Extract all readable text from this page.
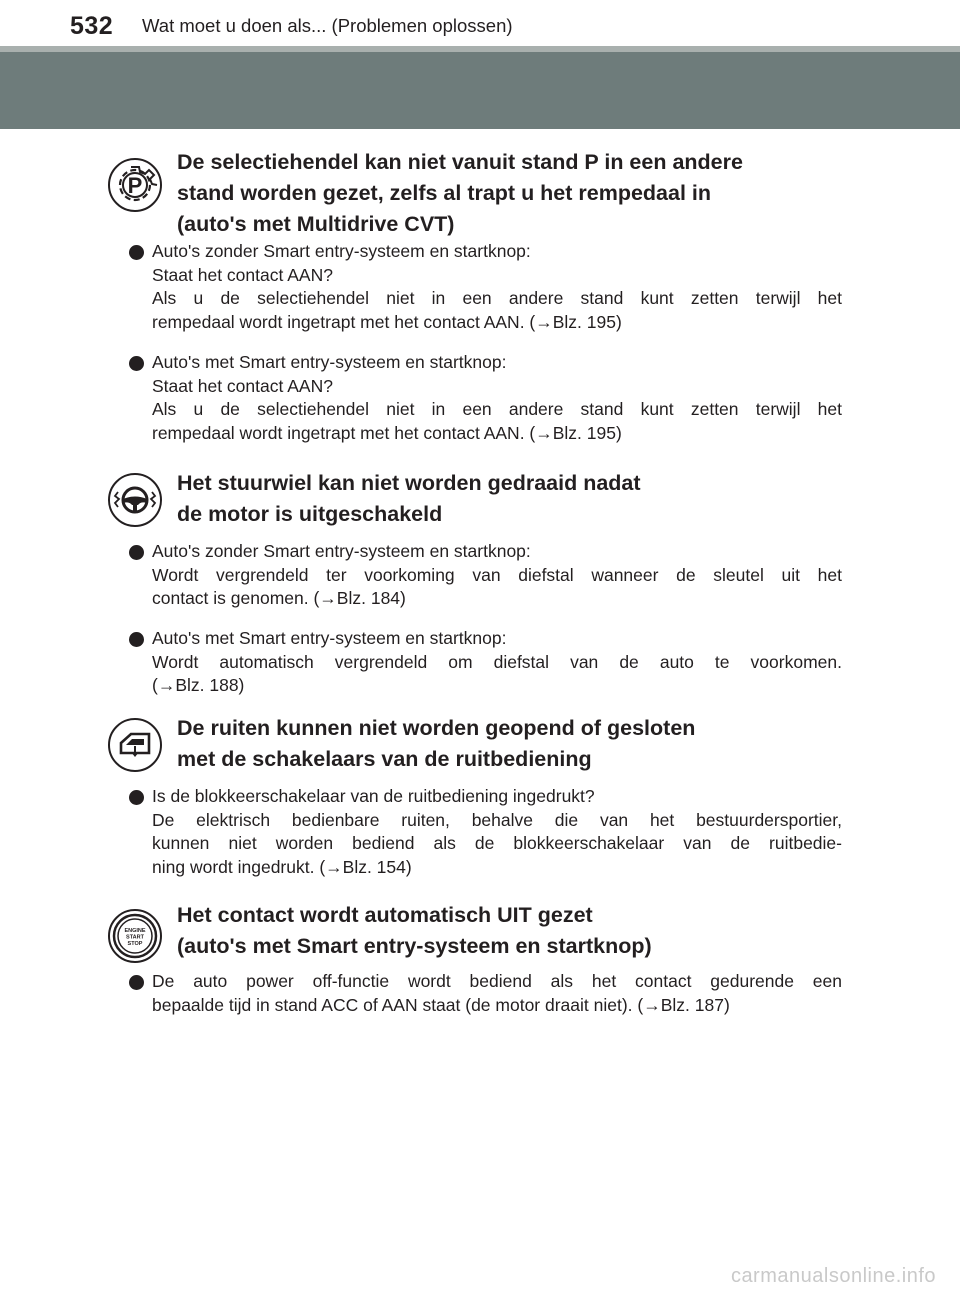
532 Wat moet u doen als... (Problemen oplossen)
P
De selectiehendel kan niet vanuit stand P in een andere
stand worden gezet, zelfs al trapt u het rempedaal in
(auto's met Multidrive CVT)
Auto's zonder Smart entry-systeem en startknop:
Staat het contact AAN?
Als u de selectiehendel niet in een andere stand kunt zetten terwijl het
rempedaal wordt ingetrapt met het contact AAN. (→Blz. 195)
Auto's met Smart entry-systeem en startknop:
Staat het contact AAN?
Als u de selectiehendel niet in een andere stand kunt zetten terwijl het
rempedaal wordt ingetrapt met het contact AAN. (→Blz. 195)
Het stuurwiel kan niet worden gedraaid nadat
de motor is uitgeschakeld
Auto's zonder Smart entry-systeem en startknop:
Wordt vergrendeld ter voorkoming van diefstal wanneer de sleutel uit het
contact is genomen. (→Blz. 184)
Auto's met Smart entry-systeem en startknop:
Wordt automatisch vergrendeld om diefstal van de auto te voorkomen.
(→Blz. 188)
De ruiten kunnen niet worden geopend of gesloten
met de schakelaars van de ruitbediening
Is de blokkeerschakelaar van de ruitbediening ingedrukt?
De elektrisch bedienbare ruiten, behalve die van het bestuurdersportier,
kunnen niet worden bediend als de blokkeerschakelaar van de ruitbedie-
ning wordt ingedrukt. (→Blz. 154)
ENGINE
START
STOP
Het contact wordt automatisch UIT gezet
(auto's met Smart entry-systeem en startknop)
De auto power off-functie wordt bediend als het contact gedurende een
bepaalde tijd in stand ACC of AAN staat (de motor draait niet). (→Blz. 187)
carmanualsonline.info
